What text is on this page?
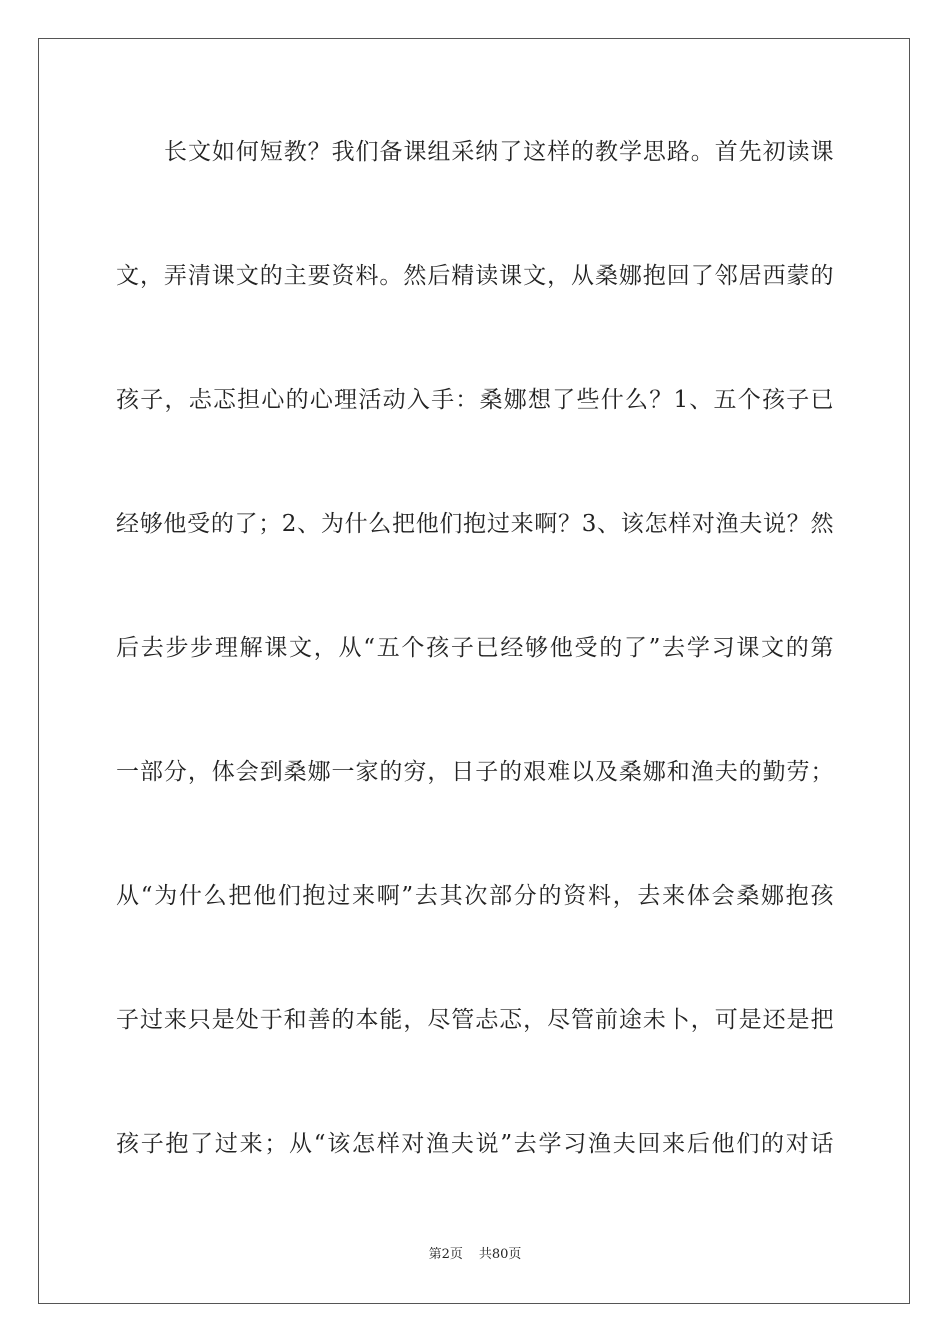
长文如何短教？我们备课组采纳了这样的教学思路。首先初读课
文，弄清课文的主要资料。然后精读课文，从桑娜抱回了邻居西蒙的
孩子，忐忑担心的心理活动入手：桑娜想了些什么？1、五个孩子已
经够他受的了；2、为什么把他们抱过来啊？3、该怎样对渔夫说？然
后去步步理解课文，从“五个孩子已经够他受的了”去学习课文的第
一部分，体会到桑娜一家的穷，日子的艰难以及桑娜和渔夫的勤劳；
从“为什么把他们抱过来啊”去其次部分的资料，去来体会桑娜抱孩
子过来只是处于和善的本能，尽管忐忑，尽管前途未卜，可是还是把
孩子抱了过来；从“该怎样对渔夫说”去学习渔夫回来后他们的对话
第2页 共80页
